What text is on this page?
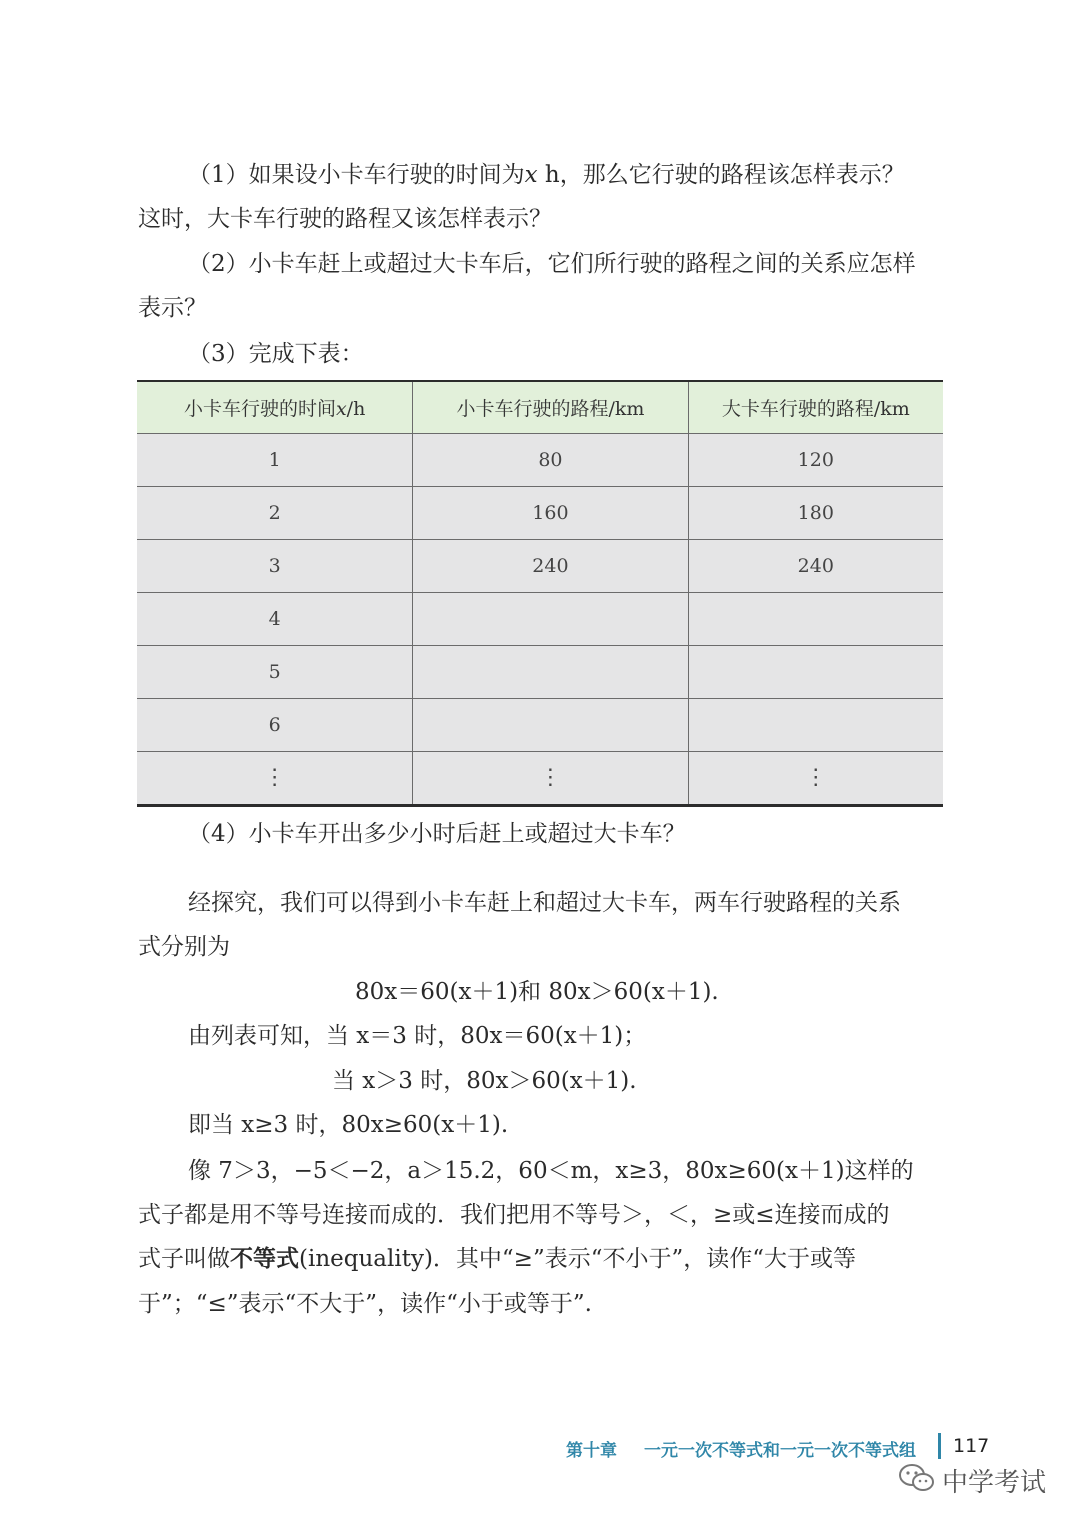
（1）如果设小卡车行驶的时间为x h，那么它行驶的路程该怎样表示？
这时，大卡车行驶的路程又该怎样表示？
（2）小卡车赶上或超过大卡车后，它们所行驶的路程之间的关系应怎样
表示？
（3）完成下表：
小卡车行驶的时间x/h	小卡车行驶的路程/km	大卡车行驶的路程/km
1	80	120
2	160	180
3	240	240
4		
5		
6		
⋮	⋮	⋮
（4）小卡车开出多少小时后赶上或超过大卡车？
经探究，我们可以得到小卡车赶上和超过大卡车，两车行驶路程的关系
式分别为
80x＝60(x＋1)和 80x＞60(x＋1).
由列表可知，当 x＝3 时，80x＝60(x＋1)；
当 x＞3 时，80x＞60(x＋1).
即当 x≥3 时，80x≥60(x＋1).
像 7＞3，−5＜−2，a＞15.2，60＜m，x≥3，80x≥60(x＋1)这样的
式子都是用不等号连接而成的．我们把用不等号＞，＜，≥或≤连接而成的
式子叫做不等式(inequality)．其中“≥”表示“不小于”，读作“大于或等
于”；“≤”表示“不大于”，读作“小于或等于”.
第十章 一元一次不等式和一元一次不等式组 117
中学考试
